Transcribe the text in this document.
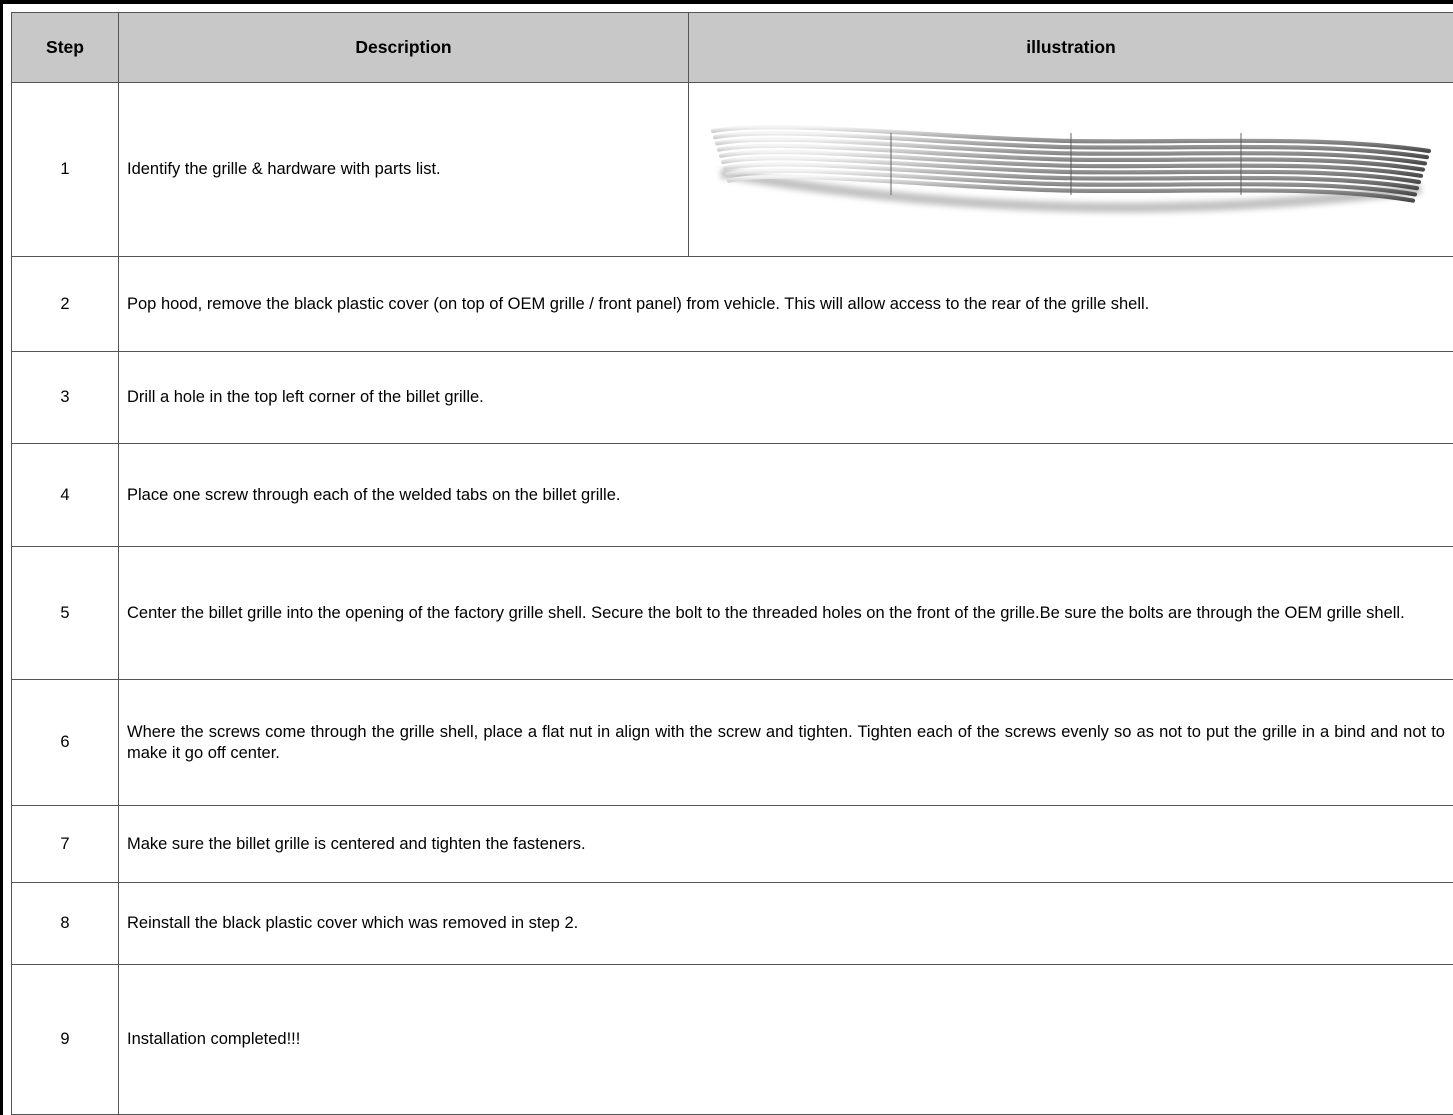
Step	Description	illustration
1	Identify the grille & hardware with parts list.	

2	Pop hood, remove the black plastic cover (on top of OEM grille / front panel) from vehicle. This will allow access to the rear of the grille shell.	
3	Drill a hole in the top left corner of the billet grille.	
4	Place one screw through each of the welded tabs on the billet grille.	
5	Center the billet grille into the opening of the factory grille shell. Secure the bolt to the threaded holes on the front of the grille.Be sure the bolts are through the OEM grille shell.	
6	Where the screws come through the grille shell, place a flat nut in align with the screw and tighten. Tighten each of the screws evenly so as not to put the grille in a bind and not to make it go off center.	
7	Make sure the billet grille is centered and tighten the fasteners.	
8	Reinstall the black plastic cover which was removed in step 2.	
9	Installation completed!!!	
